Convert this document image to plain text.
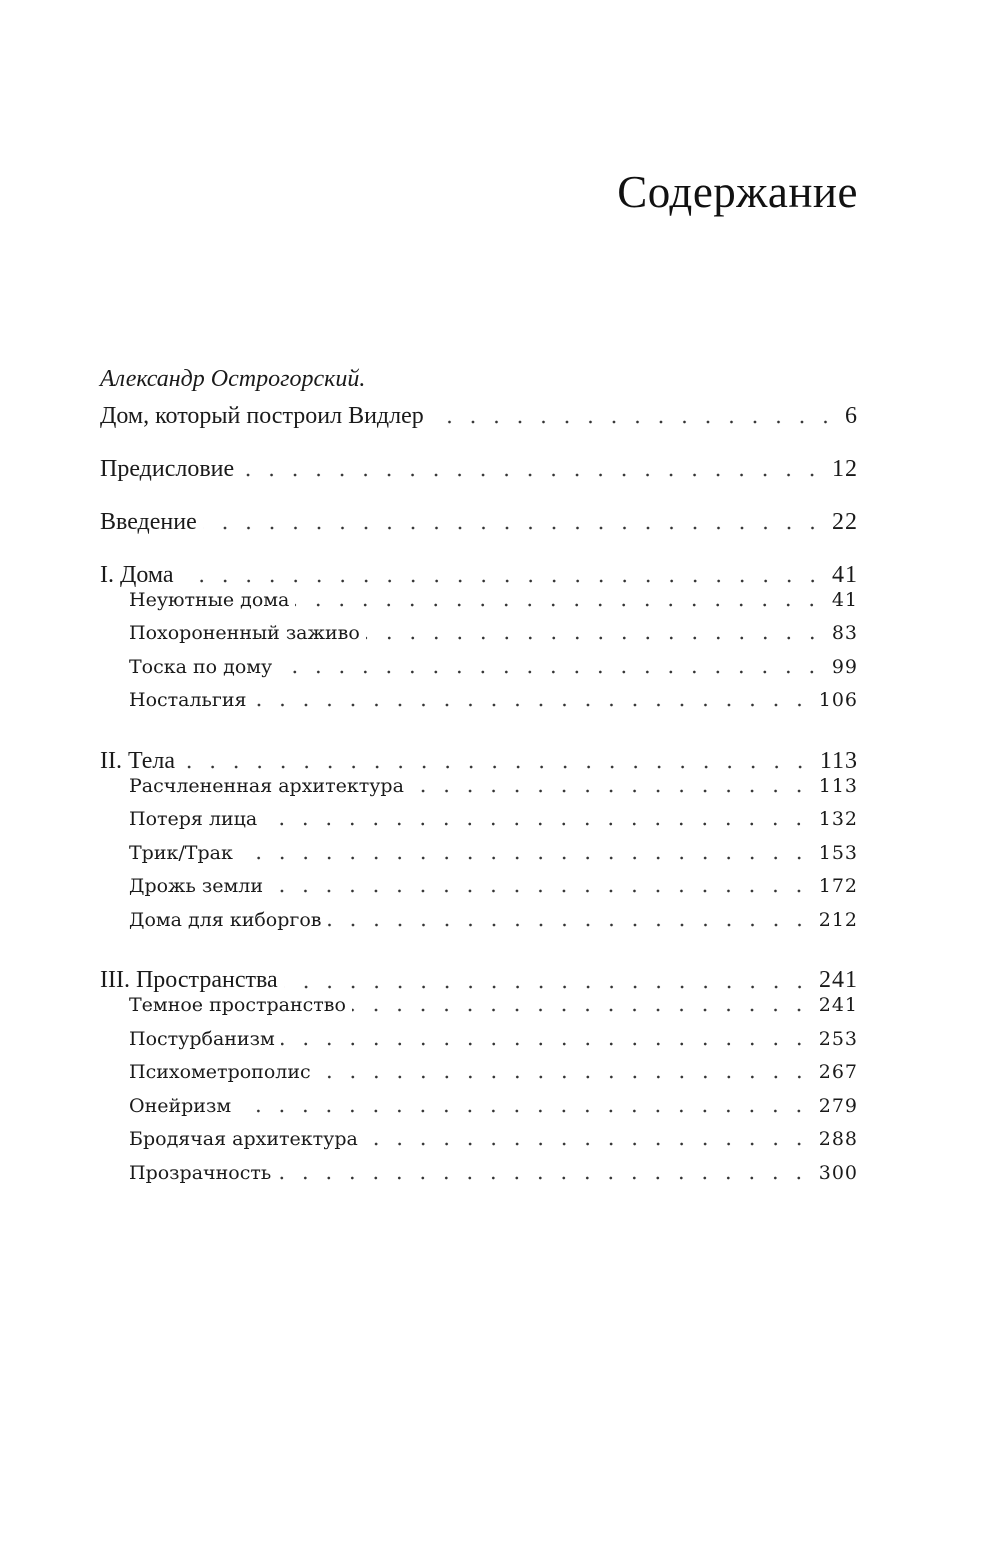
Содержание
Александр Острогорский.
Дом, который построил Видлер	6
Предисловие	12
Введение	22
I. Дома	41
Неуютные дома	41
Похороненный заживо	83
Тоска по дому	99
Ностальгия	106
II. Тела	113
Расчлененная архитектура	113
Потеря лица	132
Трик/Трак	153
Дрожь земли	172
Дома для киборгов	212
III. Пространства	241
Темное пространство	241
Постурбанизм	253
Психометрополис	267
Онейризм	279
Бродячая архитектура	288
Прозрачность	300
